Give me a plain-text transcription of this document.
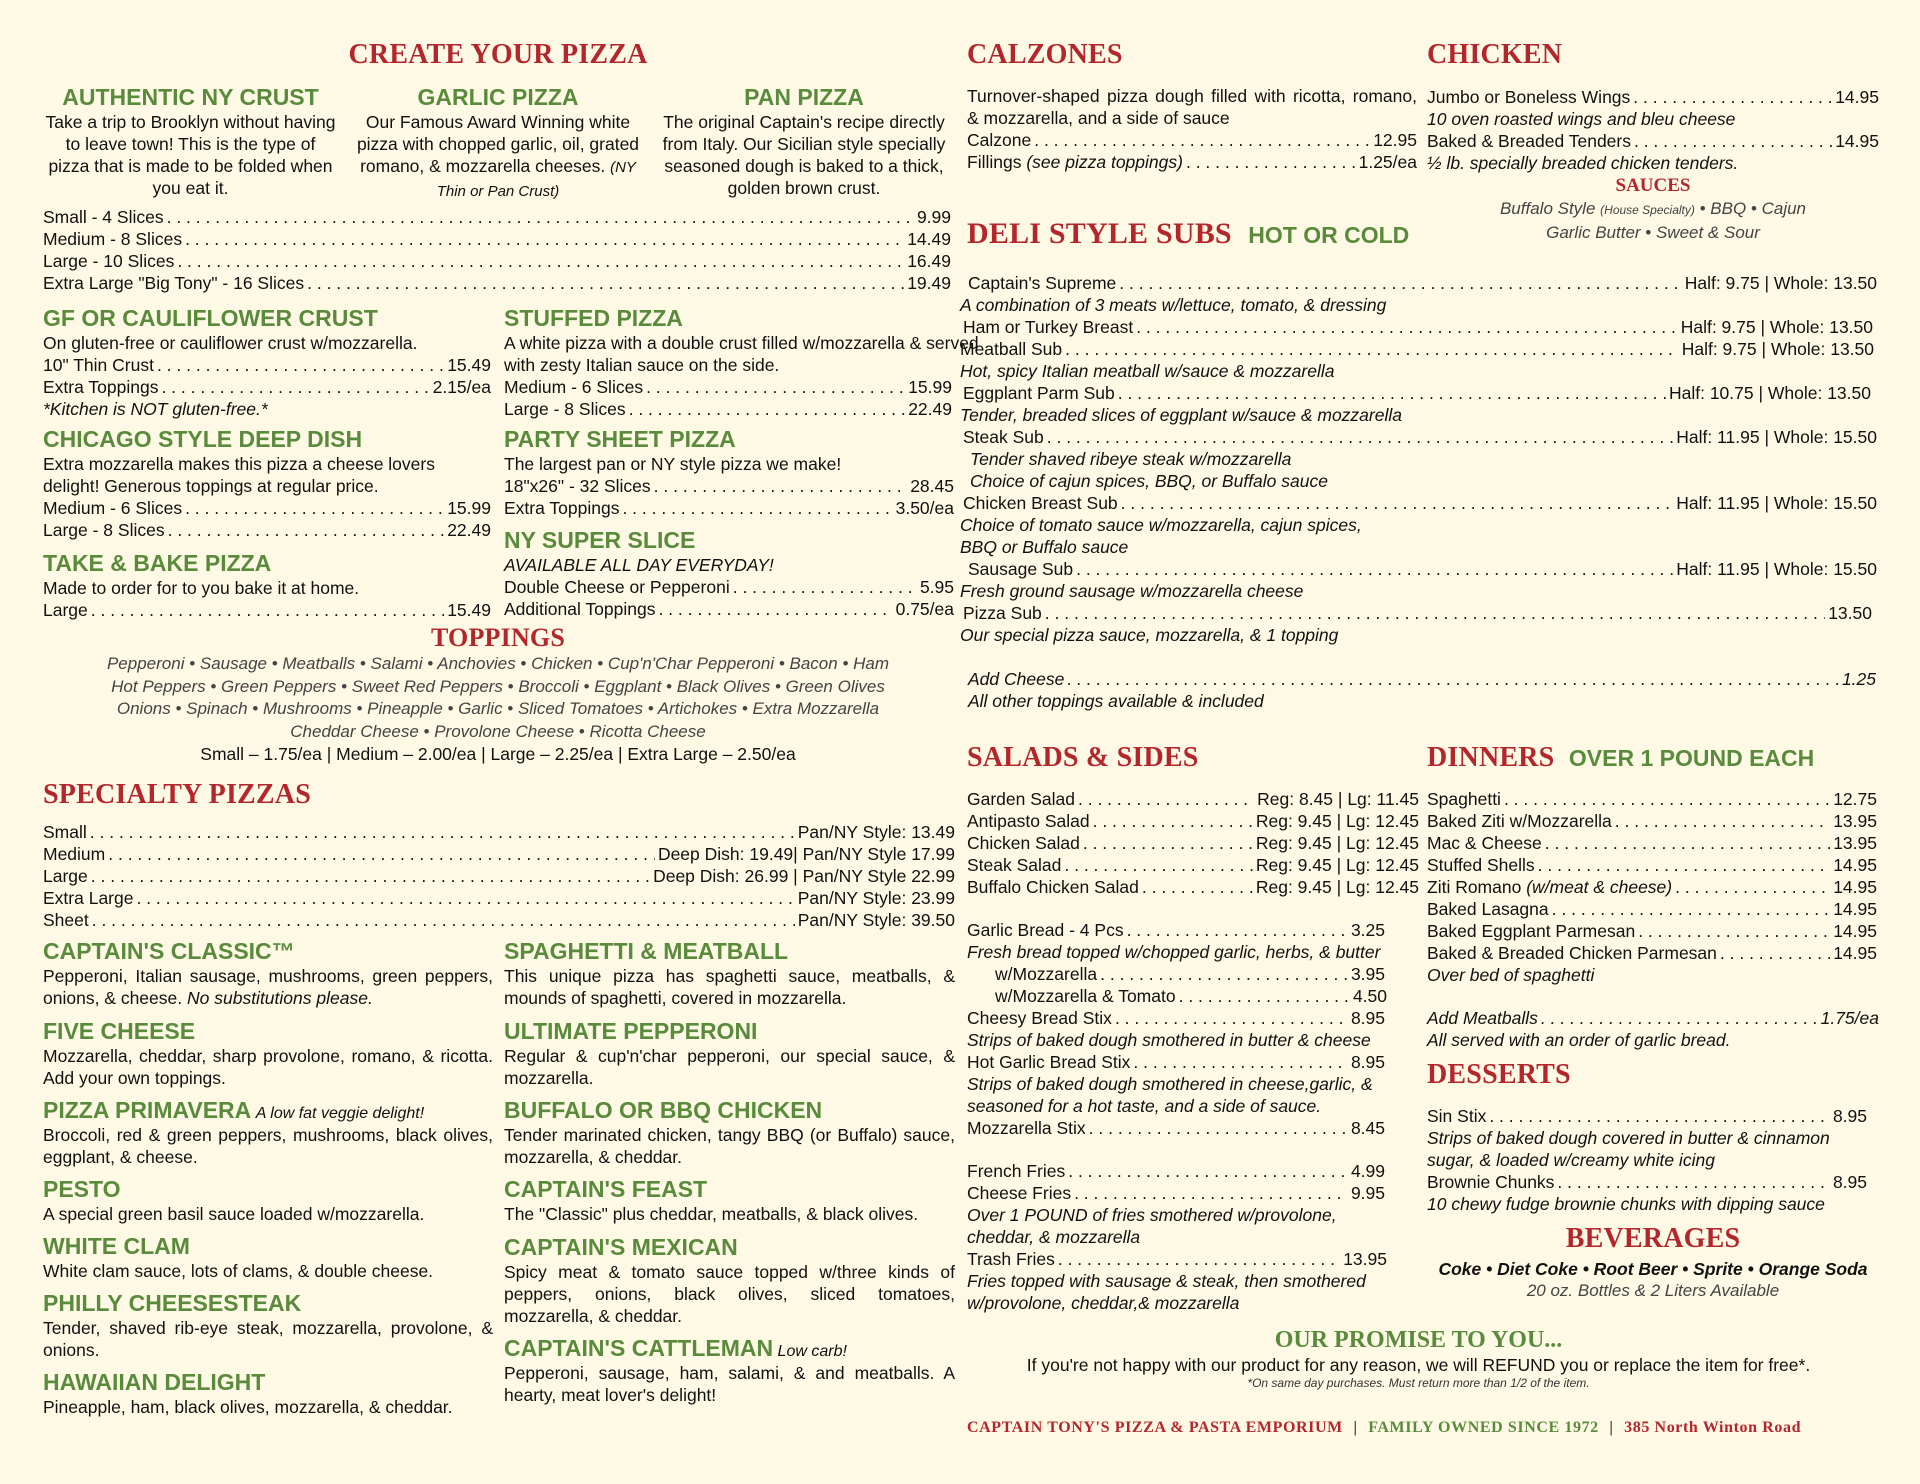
CREATE YOUR PIZZA
AUTHENTIC NY CRUST
Take a trip to Brooklyn without having to leave town! This is the type of pizza that is made to be folded when you eat it.
GARLIC PIZZA
Our Famous Award Winning white pizza with chopped garlic, oil, grated romano, & mozzarella cheeses. (NY Thin or Pan Crust)
PAN PIZZA
The original Captain's recipe directly from Italy. Our Sicilian style specially seasoned dough is baked to a thick, golden brown crust.
Small - 4 Slices . . .	9.99
Medium - 8 Slices . . .	14.49
Large - 10 Slices . . .	16.49
Extra Large "Big Tony" - 16 Slices . . .	19.49
GF OR CAULIFLOWER CRUST
On gluten-free or cauliflower crust w/mozzarella.
10" Thin Crust . . .	15.49
Extra Toppings . . .	2.15/ea
*Kitchen is NOT gluten-free.*
CHICAGO STYLE DEEP DISH
Extra mozzarella makes this pizza a cheese lovers delight! Generous toppings at regular price.
Medium - 6 Slices . . .	15.99
Large - 8 Slices . . .	22.49
TAKE & BAKE PIZZA
Made to order for to you bake it at home.
Large . . .	15.49
STUFFED PIZZA
A white pizza with a double crust filled w/mozzarella & served with zesty Italian sauce on the side.
Medium - 6 Slices . . .	15.99
Large - 8 Slices . . .	22.49
PARTY SHEET PIZZA
The largest pan or NY style pizza we make!
18"x26" - 32 Slices . . .	28.45
Extra Toppings . . .	3.50/ea
NY SUPER SLICE
AVAILABLE ALL DAY EVERYDAY!
Double Cheese or Pepperoni . . .	5.95
Additional Toppings . . .	0.75/ea
TOPPINGS
Pepperoni • Sausage • Meatballs • Salami • Anchovies • Chicken • Cup'n'Char Pepperoni • Bacon • Ham
Hot Peppers • Green Peppers • Sweet Red Peppers • Broccoli • Eggplant • Black Olives • Green Olives
Onions • Spinach • Mushrooms • Pineapple • Garlic • Sliced Tomatoes • Artichokes • Extra Mozzarella
Cheddar Cheese • Provolone Cheese • Ricotta Cheese
Small – 1.75/ea | Medium – 2.00/ea | Large – 2.25/ea | Extra Large – 2.50/ea
SPECIALTY PIZZAS
Small . . .	Pan/NY Style: 13.49
Medium . . .	Deep Dish: 19.49| Pan/NY Style 17.99
Large . . .	Deep Dish: 26.99 | Pan/NY Style 22.99
Extra Large . . .	Pan/NY Style: 23.99
Sheet . . .	Pan/NY Style: 39.50
CAPTAIN'S CLASSIC™
Pepperoni, Italian sausage, mushrooms, green peppers, onions, & cheese. No substitutions please.
FIVE CHEESE
Mozzarella, cheddar, sharp provolone, romano, & ricotta. Add your own toppings.
PIZZA PRIMAVERA A low fat veggie delight!
Broccoli, red & green peppers, mushrooms, black olives, eggplant, & cheese.
PESTO
A special green basil sauce loaded w/mozzarella.
WHITE CLAM
White clam sauce, lots of clams, & double cheese.
PHILLY CHEESESTEAK
Tender, shaved rib-eye steak, mozzarella, provolone, & onions.
HAWAIIAN DELIGHT
Pineapple, ham, black olives, mozzarella, & cheddar.
SPAGHETTI & MEATBALL
This unique pizza has spaghetti sauce, meatballs, & mounds of spaghetti, covered in mozzarella.
ULTIMATE PEPPERONI
Regular & cup'n'char pepperoni, our special sauce, & mozzarella.
BUFFALO OR BBQ CHICKEN
Tender marinated chicken, tangy BBQ (or Buffalo) sauce, mozzarella, & cheddar.
CAPTAIN'S FEAST
The "Classic" plus cheddar, meatballs, & black olives.
CAPTAIN'S MEXICAN
Spicy meat & tomato sauce topped w/three kinds of peppers, onions, black olives, sliced tomatoes, mozzarella, & cheddar.
CAPTAIN'S CATTLEMAN Low carb!
Pepperoni, sausage, ham, salami, & and meatballs. A hearty, meat lover's delight!
CALZONES
Turnover-shaped pizza dough filled with ricotta, romano, & mozzarella, and a side of sauce
Calzone . . .	12.95
Fillings
(see pizza toppings) . . .	1.25/ea
DELI STYLE SUBS HOT OR COLD
Captain's Supreme . . .	Half: 9.75 | Whole: 13.50
A combination of 3 meats w/lettuce, tomato, & dressing
Ham or Turkey Breast . . .	Half: 9.75 | Whole: 13.50
Meatball Sub . . .	Half: 9.75 | Whole: 13.50
Hot, spicy Italian meatball w/sauce & mozzarella
Eggplant Parm Sub . . .	Half: 10.75 | Whole: 13.50
Tender, breaded slices of eggplant w/sauce & mozzarella
Steak Sub . . .	Half: 11.95 | Whole: 15.50
Tender shaved ribeye steak w/mozzarella
Choice of cajun spices, BBQ, or Buffalo sauce
Chicken Breast Sub . . .	Half: 11.95 | Whole: 15.50
Choice of tomato sauce w/mozzarella, cajun spices,
BBQ or Buffalo sauce
Sausage Sub . . .	Half: 11.95 | Whole: 15.50
Fresh ground sausage w/mozzarella cheese
Pizza Sub . . .	13.50
Our special pizza sauce, mozzarella, & 1 topping
Add Cheese . . .	1.25
All other toppings available & included
SALADS & SIDES
Garden Salad . . .	Reg: 8.45 | Lg: 11.45
Antipasto Salad . . .	Reg: 9.45 | Lg: 12.45
Chicken Salad . . .	Reg: 9.45 | Lg: 12.45
Steak Salad . . .	Reg: 9.45 | Lg: 12.45
Buffalo Chicken Salad . . .	Reg: 9.45 | Lg: 12.45
Garlic Bread - 4 Pcs . . .	3.25
Fresh bread topped w/chopped garlic, herbs, & butter
w/Mozzarella . . .	3.95
w/Mozzarella & Tomato . . .	4.50
Cheesy Bread Stix . . .	8.95
Strips of baked dough smothered in butter & cheese
Hot Garlic Bread Stix . . .	8.95
Strips of baked dough smothered in cheese,garlic, &
seasoned for a hot taste, and a side of sauce.
Mozzarella Stix . . .	8.45
French Fries . . .	4.99
Cheese Fries . . .	9.95
Over 1 POUND of fries smothered w/provolone,
cheddar, & mozzarella
Trash Fries . . .	13.95
Fries topped with sausage & steak, then smothered
w/provolone, cheddar,& mozzarella
CHICKEN
Jumbo or Boneless Wings . . .	14.95
10 oven roasted wings and bleu cheese
Baked & Breaded Tenders . . .	14.95
½ lb. specially breaded chicken tenders.
SAUCES
Buffalo Style (House Specialty) • BBQ • Cajun
Garlic Butter • Sweet & Sour
DINNERS OVER 1 POUND EACH
Spaghetti . . .	12.75
Baked Ziti w/Mozzarella . . .	13.95
Mac & Cheese . . .	13.95
Stuffed Shells . . .	14.95
Ziti Romano
(w/meat & cheese) . . .	14.95
Baked Lasagna . . .	14.95
Baked Eggplant Parmesan . . .	14.95
Baked & Breaded Chicken Parmesan . . .	14.95
Over bed of spaghetti
Add Meatballs . . .	1.75/ea
All served with an order of garlic bread.
DESSERTS
Sin Stix . . .	8.95
Strips of baked dough covered in butter & cinnamon
sugar, & loaded w/creamy white icing
Brownie Chunks . . .	8.95
10 chewy fudge brownie chunks with dipping sauce
BEVERAGES
Coke • Diet Coke • Root Beer • Sprite • Orange Soda
20 oz. Bottles & 2 Liters Available
OUR PROMISE TO YOU...
If you're not happy with our product for any reason, we will REFUND you or replace the item for free*.
*On same day purchases. Must return more than 1/2 of the item.
CAPTAIN TONY'S PIZZA & PASTA EMPORIUM | FAMILY OWNED SINCE 1972 | 385 North Winton Road
